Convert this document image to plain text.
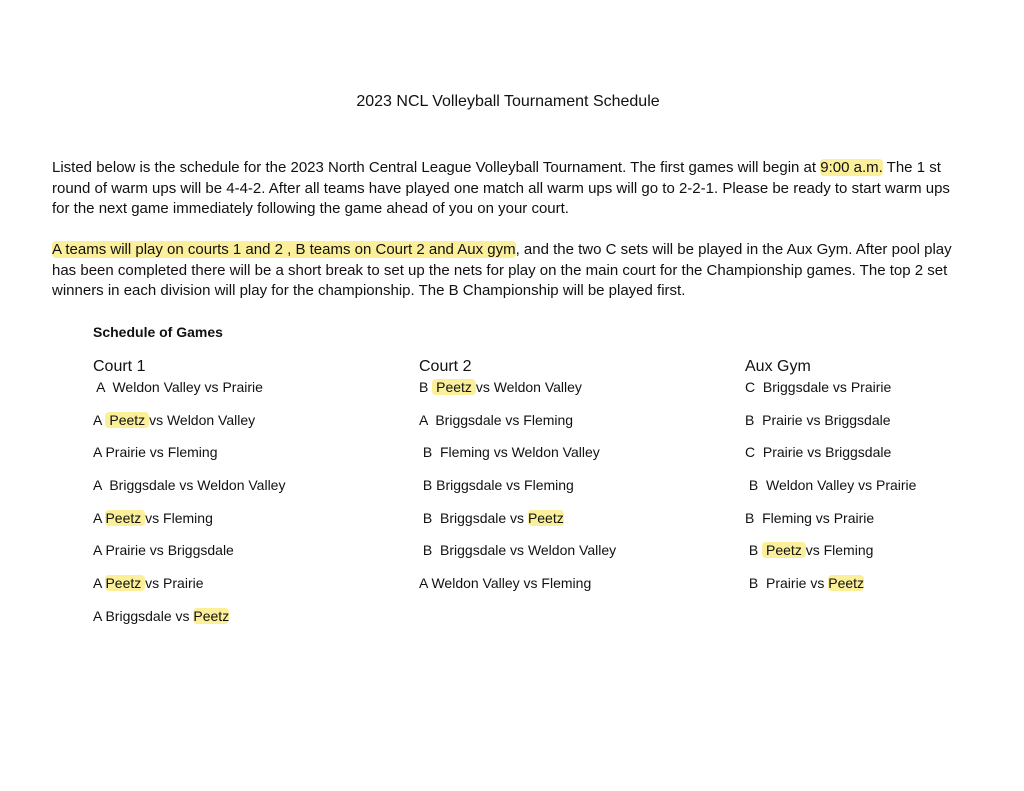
2023 NCL Volleyball Tournament Schedule
Listed below is the schedule for the 2023 North Central League Volleyball Tournament. The first games will begin at 9:00 a.m. The 1 st round of warm ups will be 4-4-2. After all teams have played one match all warm ups will go to 2-2-1. Please be ready to start warm ups for the next game immediately following the game ahead of you on your court.
A teams will play on courts 1 and 2 , B teams on Court 2 and Aux gym, and the two C sets will be played in the Aux Gym. After pool play has been completed there will be a short break to set up the nets for play on the main court for the Championship games. The top 2 set winners in each division will play for the championship. The B Championship will be played first.
Schedule of Games
Court 1
A  Weldon Valley vs Prairie
A  Peetz vs Weldon Valley
A Prairie vs Fleming
A  Briggsdale vs Weldon Valley
A Peetz vs Fleming
A Prairie vs Briggsdale
A Peetz vs Prairie
A Briggsdale vs Peetz
Court 2
B  Peetz vs Weldon Valley
A  Briggsdale vs Fleming
B  Fleming vs Weldon Valley
B Briggsdale vs Fleming
B  Briggsdale vs Peetz
B  Briggsdale vs Weldon Valley
A Weldon Valley vs Fleming
Aux Gym
C  Briggsdale vs Prairie
B  Prairie vs Briggsdale
C  Prairie vs Briggsdale
B  Weldon Valley vs Prairie
B  Fleming vs Prairie
B  Peetz vs Fleming
B  Prairie vs Peetz
